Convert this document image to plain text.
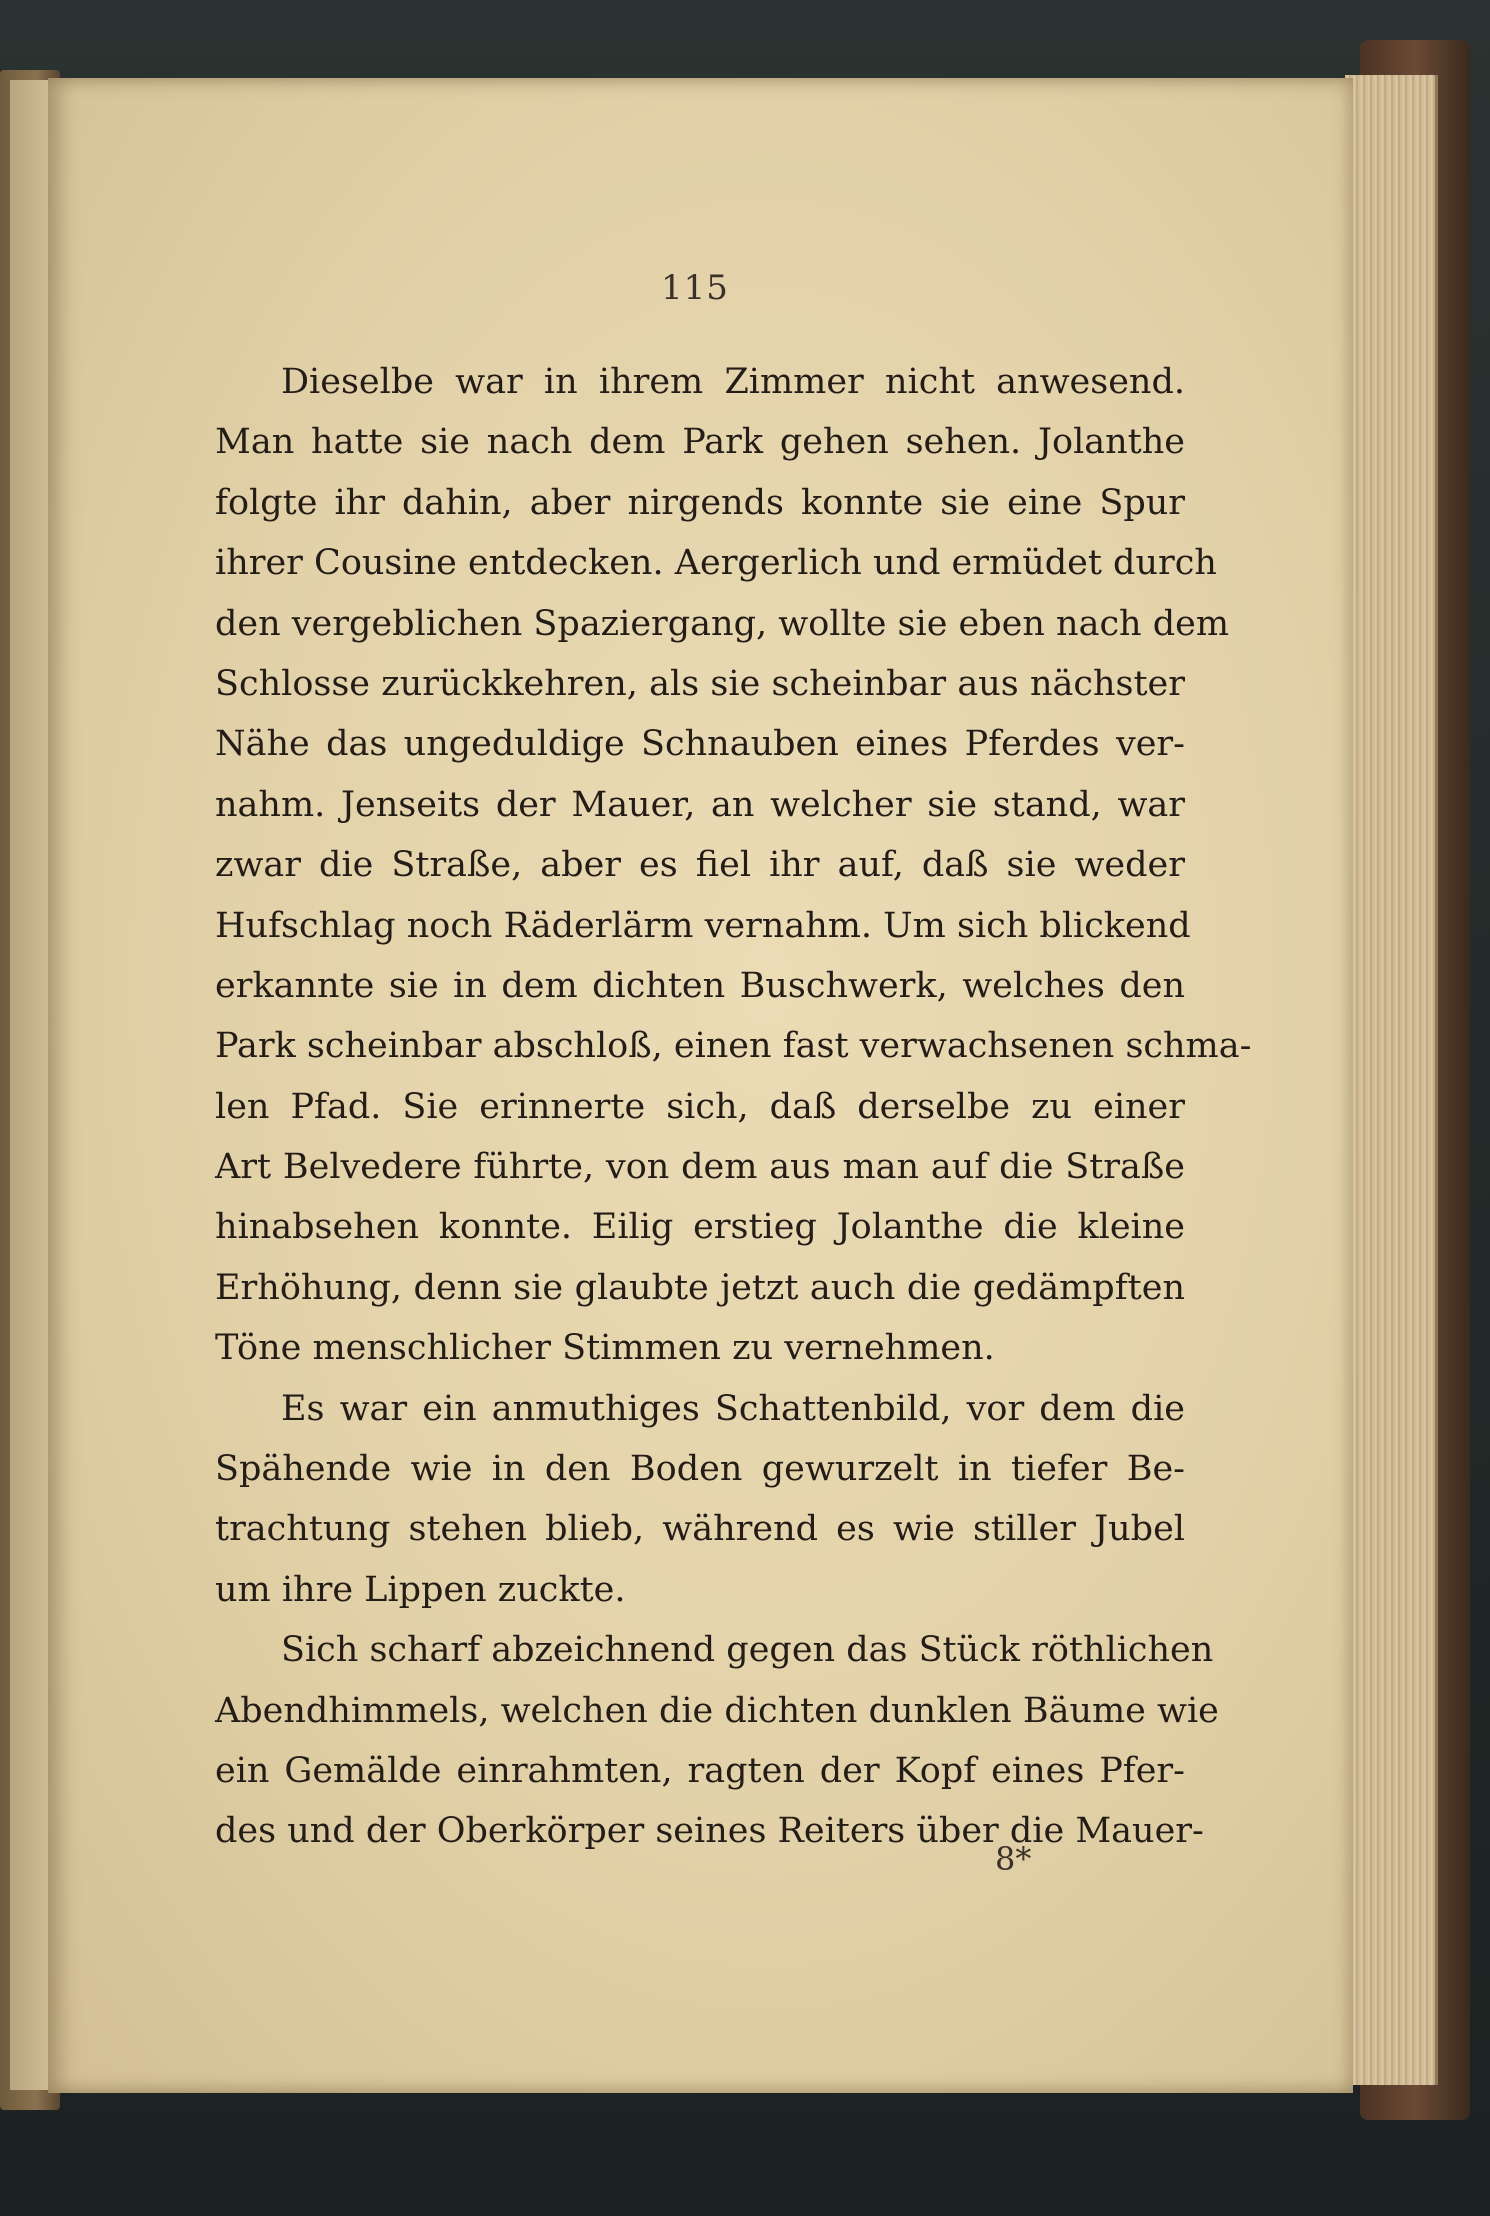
115
Dieselbe war in ihrem Zimmer nicht anwesend.
Man hatte sie nach dem Park gehen sehen. Jolanthe
folgte ihr dahin, aber nirgends konnte sie eine Spur
ihrer Cousine entdecken. Aergerlich und ermüdet durch
den vergeblichen Spaziergang, wollte sie eben nach dem
Schlosse zurückkehren, als sie scheinbar aus nächster
Nähe das ungeduldige Schnauben eines Pferdes ver-
nahm. Jenseits der Mauer, an welcher sie stand, war
zwar die Straße, aber es fiel ihr auf, daß sie weder
Hufschlag noch Räderlärm vernahm. Um sich blickend
erkannte sie in dem dichten Buschwerk, welches den
Park scheinbar abschloß, einen fast verwachsenen schma-
len Pfad. Sie erinnerte sich, daß derselbe zu einer
Art Belvedere führte, von dem aus man auf die Straße
hinabsehen konnte. Eilig erstieg Jolanthe die kleine
Erhöhung, denn sie glaubte jetzt auch die gedämpften
Töne menschlicher Stimmen zu vernehmen.
Es war ein anmuthiges Schattenbild, vor dem die
Spähende wie in den Boden gewurzelt in tiefer Be-
trachtung stehen blieb, während es wie stiller Jubel
um ihre Lippen zuckte.
Sich scharf abzeichnend gegen das Stück röthlichen
Abendhimmels, welchen die dichten dunklen Bäume wie
ein Gemälde einrahmten, ragten der Kopf eines Pfer-
des und der Oberkörper seines Reiters über die Mauer-
8*
